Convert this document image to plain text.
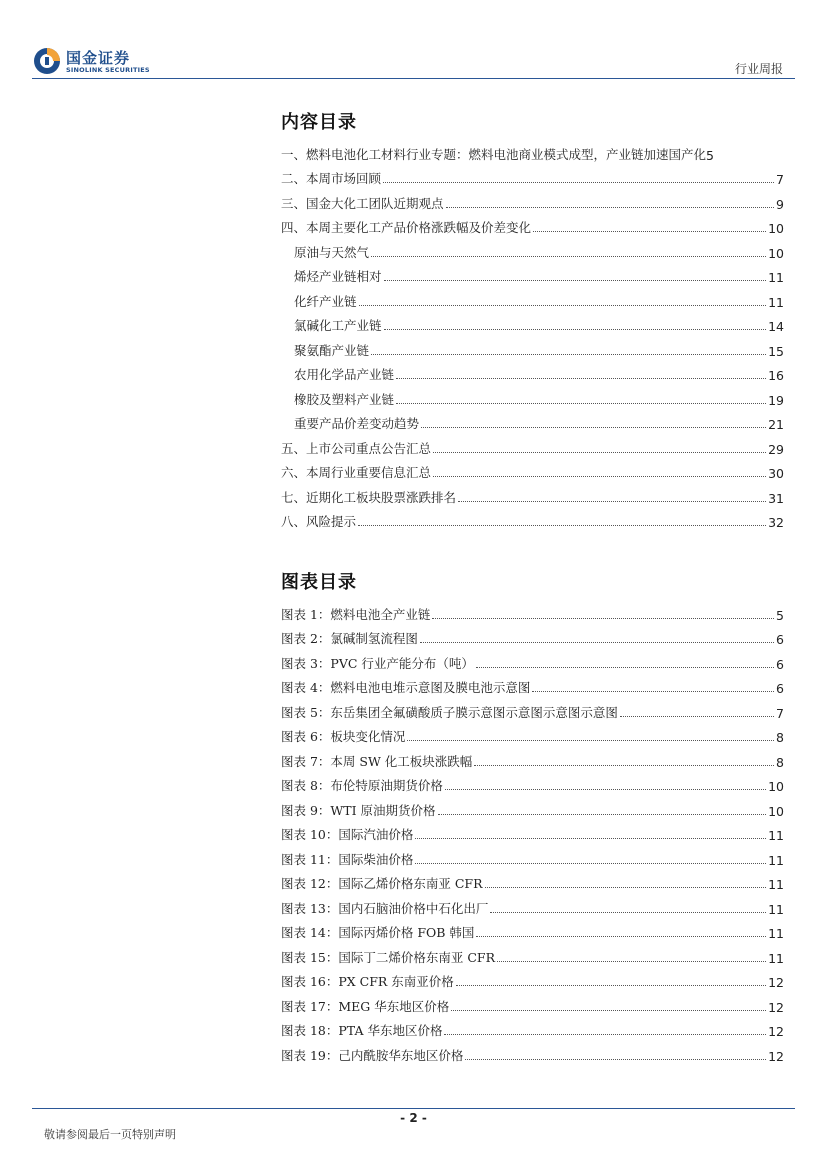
国金证券
SINOLINK SECURITIES	行业周报
内容目录
一、燃料电池化工材料行业专题：燃料电池商业模式成型，产业链加速国产化 5
二、本周市场回顾	7
三、国金大化工团队近期观点	9
四、本周主要化工产品价格涨跌幅及价差变化	10
原油与天然气	10
烯烃产业链相对	11
化纤产业链	11
氯碱化工产业链	14
聚氨酯产业链	15
农用化学品产业链	16
橡胶及塑料产业链	19
重要产品价差变动趋势	21
五、上市公司重点公告汇总	29
六、本周行业重要信息汇总	30
七、近期化工板块股票涨跌排名	31
八、风险提示	32
图表目录
图表 1：燃料电池全产业链	5
图表 2：氯碱制氢流程图	6
图表 3：PVC 行业产能分布（吨）	6
图表 4：燃料电池电堆示意图及膜电池示意图	6
图表 5：东岳集团全氟磺酸质子膜示意图示意图示意图示意图	7
图表 6：板块变化情况	8
图表 7：本周 SW 化工板块涨跌幅	8
图表 8：布伦特原油期货价格	10
图表 9：WTI 原油期货价格	10
图表 10：国际汽油价格	11
图表 11：国际柴油价格	11
图表 12：国际乙烯价格东南亚 CFR	11
图表 13：国内石脑油价格中石化出厂	11
图表 14：国际丙烯价格 FOB 韩国	11
图表 15：国际丁二烯价格东南亚 CFR	11
图表 16：PX CFR 东南亚价格	12
图表 17：MEG 华东地区价格	12
图表 18：PTA 华东地区价格	12
图表 19：己内酰胺华东地区价格	12
- 2 -
敬请参阅最后一页特别声明
